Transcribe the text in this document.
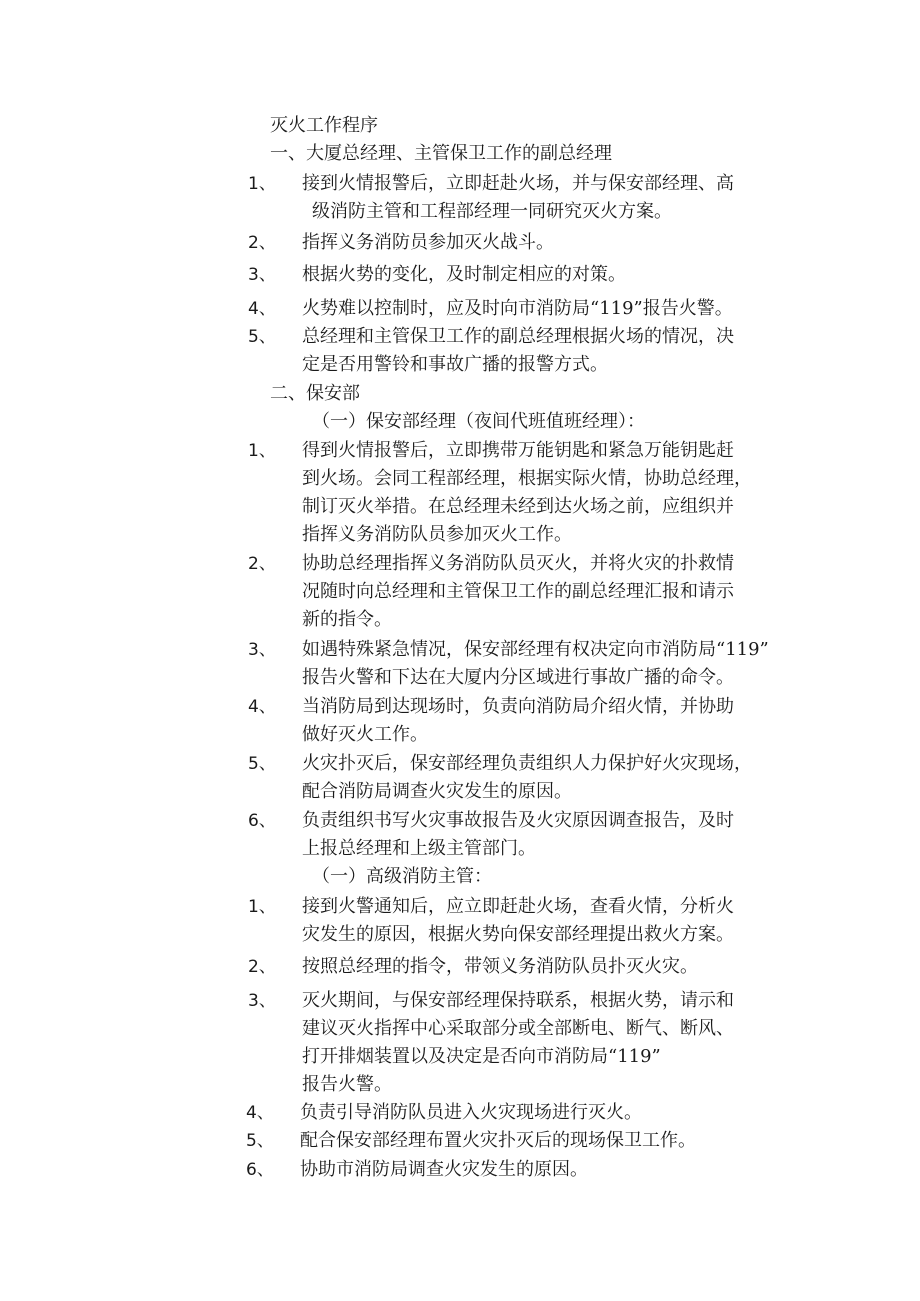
灭火工作程序
一、大厦总经理、主管保卫工作的副总经理
1、 接到火情报警后，立即赶赴火场，并与保安部经理、高
级消防主管和工程部经理一同研究灭火方案。
2、 指挥义务消防员参加灭火战斗。
3、 根据火势的变化，及时制定相应的对策。
4、 火势难以控制时，应及时向市消防局“119”报告火警。
5、 总经理和主管保卫工作的副总经理根据火场的情况，决
定是否用警铃和事故广播的报警方式。
二、保安部
（一）保安部经理（夜间代班值班经理）：
1、 得到火情报警后，立即携带万能钥匙和紧急万能钥匙赶
到火场。会同工程部经理，根据实际火情，协助总经理，
制订灭火举措。在总经理未经到达火场之前，应组织并
指挥义务消防队员参加灭火工作。
2、 协助总经理指挥义务消防队员灭火，并将火灾的扑救情
况随时向总经理和主管保卫工作的副总经理汇报和请示
新的指令。
3、 如遇特殊紧急情况，保安部经理有权决定向市消防局“119”
报告火警和下达在大厦内分区域进行事故广播的命令。
4、 当消防局到达现场时，负责向消防局介绍火情，并协助
做好灭火工作。
5、 火灾扑灭后，保安部经理负责组织人力保护好火灾现场，
配合消防局调查火灾发生的原因。
6、 负责组织书写火灾事故报告及火灾原因调查报告，及时
上报总经理和上级主管部门。
（一）高级消防主管：
1、 接到火警通知后，应立即赶赴火场，查看火情，分析火
灾发生的原因，根据火势向保安部经理提出救火方案。
2、 按照总经理的指令，带领义务消防队员扑灭火灾。
3、 灭火期间，与保安部经理保持联系，根据火势，请示和
建议灭火指挥中心采取部分或全部断电、断气、断风、
打开排烟装置以及决定是否向市消防局“119”
报告火警。
4、 负责引导消防队员进入火灾现场进行灭火。
5、 配合保安部经理布置火灾扑灭后的现场保卫工作。
6、 协助市消防局调查火灾发生的原因。
